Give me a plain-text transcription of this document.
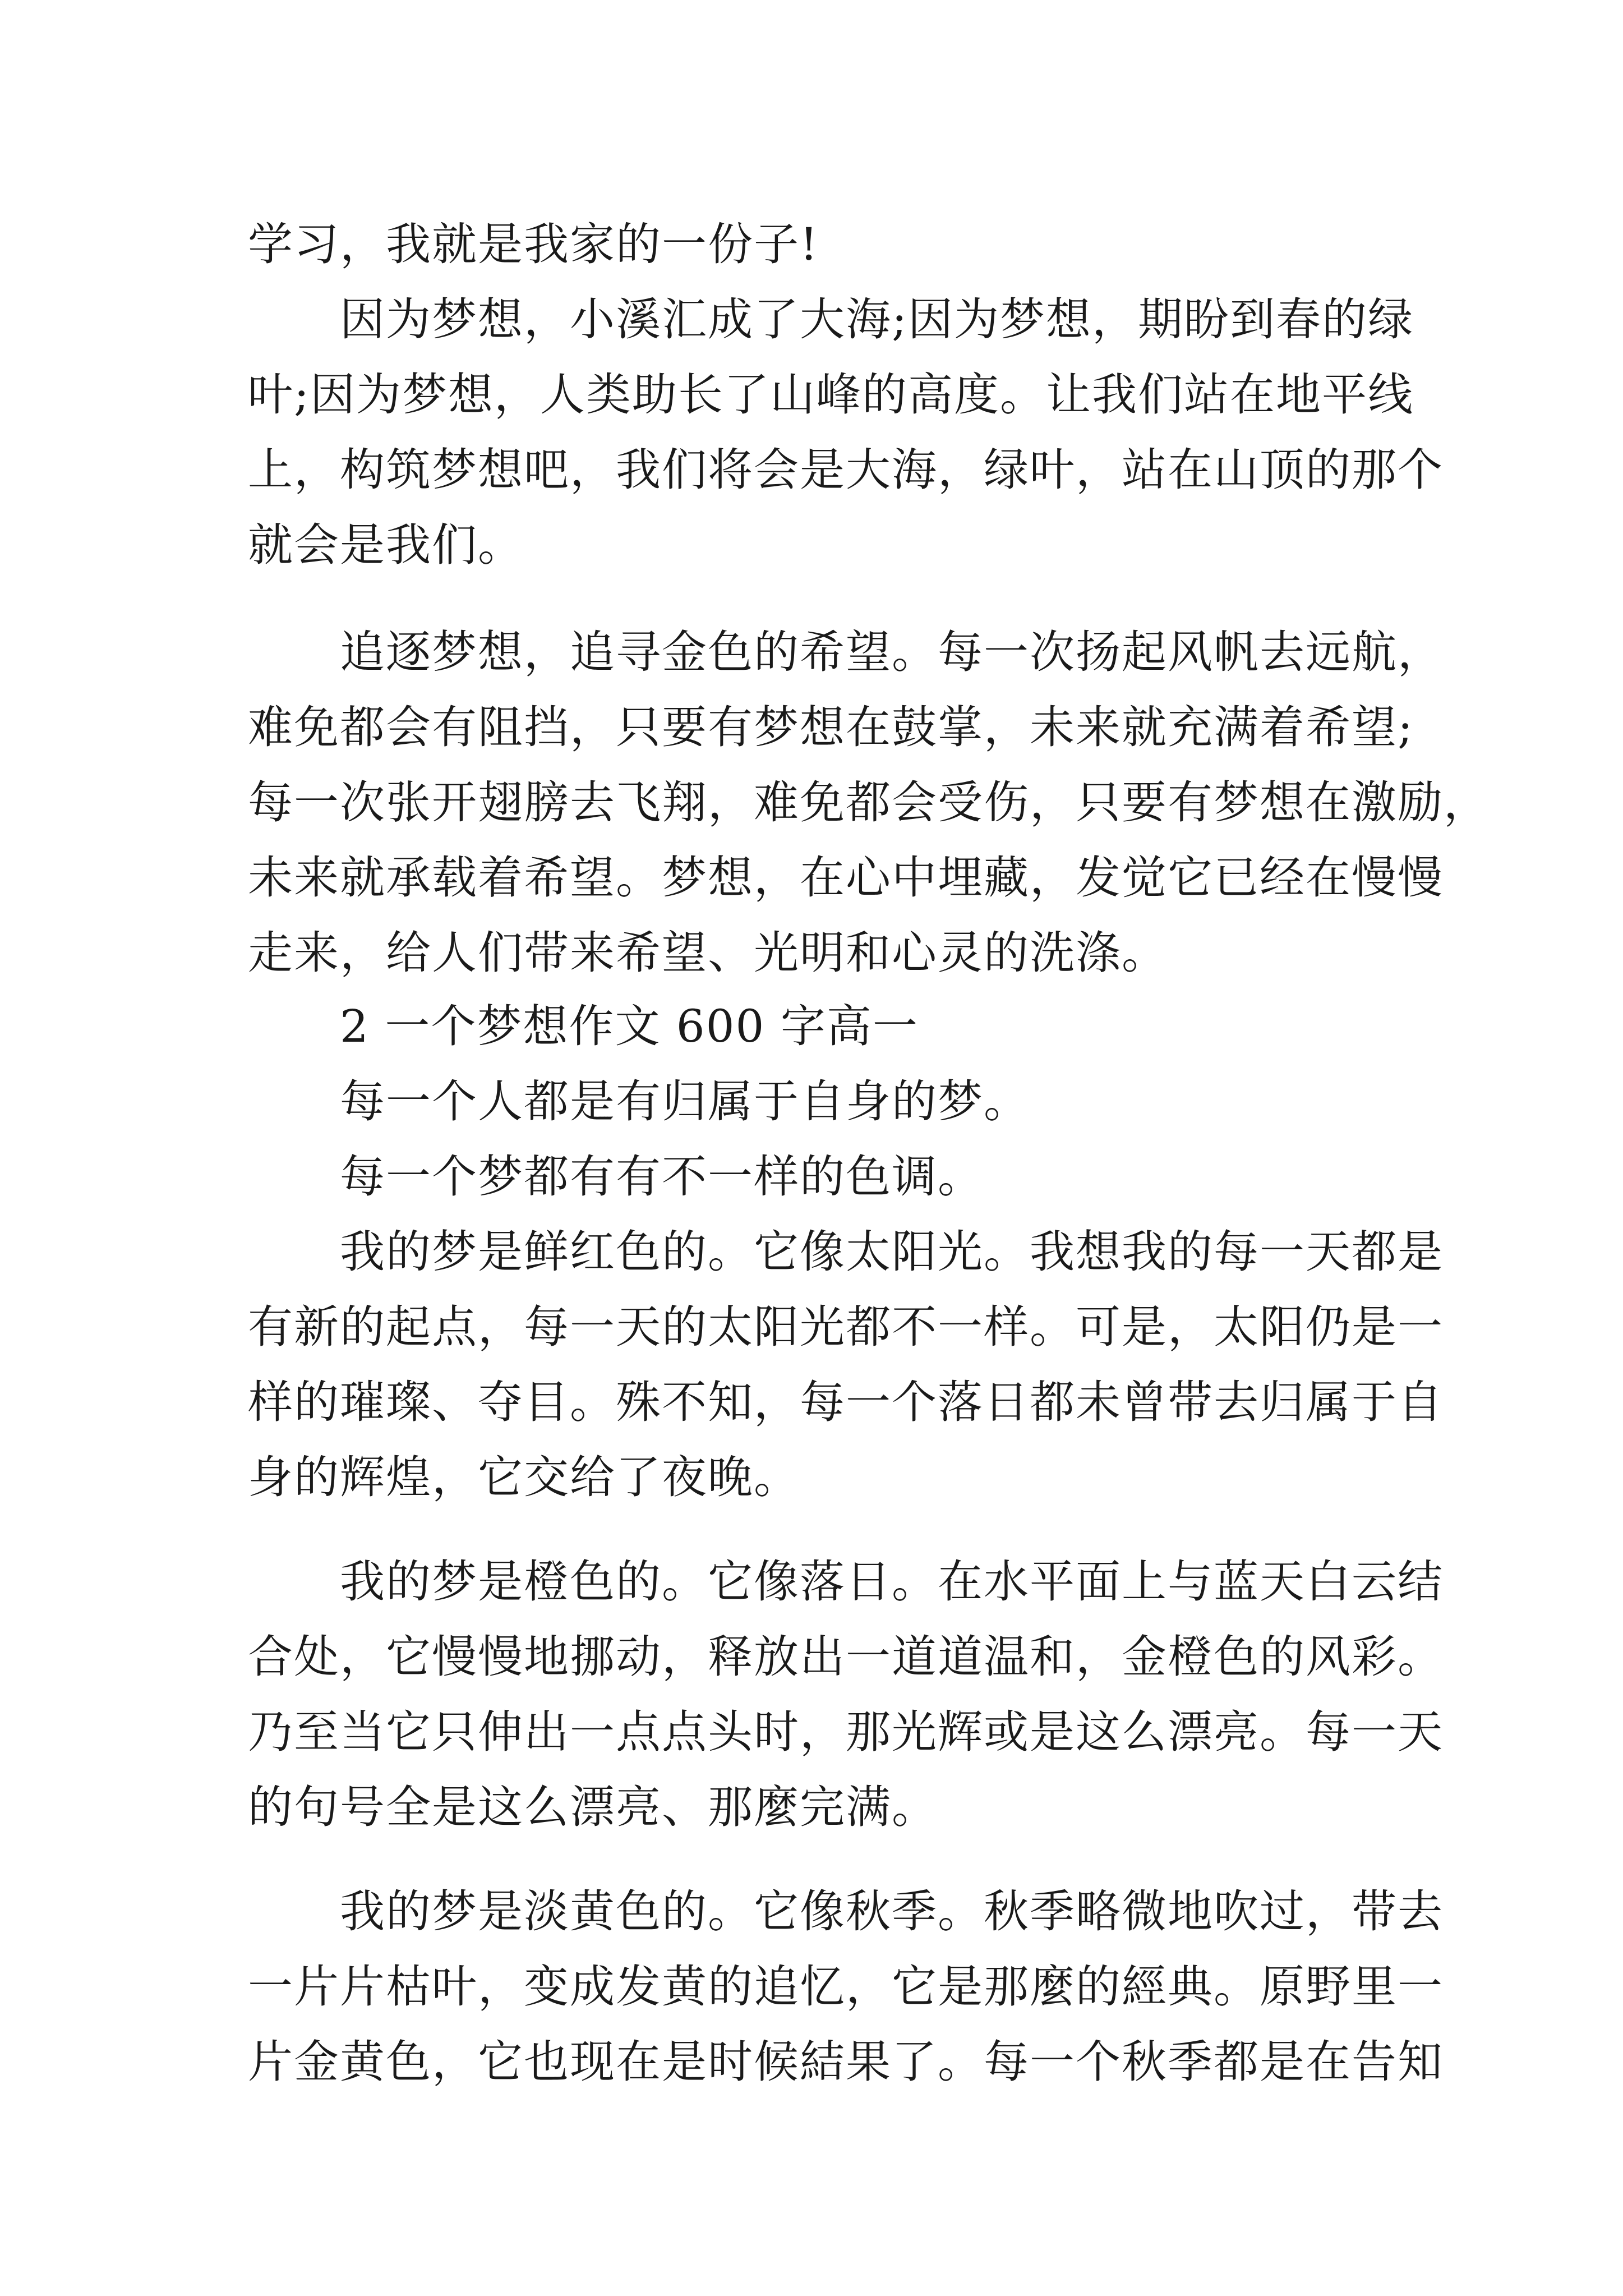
学习，我就是我家的一份子!

因为梦想，小溪汇成了大海;因为梦想，期盼到春的绿

叶;因为梦想，人类助长了山峰的高度。让我们站在地平线

上，构筑梦想吧，我们将会是大海，绿叶，站在山顶的那个

就会是我们。

追逐梦想，追寻金色的希望。每一次扬起风帆去远航，

难免都会有阻挡，只要有梦想在鼓掌，未来就充满着希望;

每一次张开翅膀去飞翔，难免都会受伤，只要有梦想在激励，

未来就承载着希望。梦想，在心中埋藏，发觉它已经在慢慢

走来，给人们带来希望、光明和心灵的洗涤。

2 一个梦想作文 600 字高一

每一个人都是有归属于自身的梦。

每一个梦都有有不一样的色调。

我的梦是鲜红色的。它像太阳光。我想我的每一天都是

有新的起点，每一天的太阳光都不一样。可是，太阳仍是一

样的璀璨、夺目。殊不知，每一个落日都未曾带去归属于自

身的辉煌，它交给了夜晚。

我的梦是橙色的。它像落日。在水平面上与蓝天白云结

合处，它慢慢地挪动，释放出一道道温和，金橙色的风彩。

乃至当它只伸出一点点头时，那光辉或是这么漂亮。每一天

的句号全是这么漂亮、那麼完满。

我的梦是淡黄色的。它像秋季。秋季略微地吹过，带去

一片片枯叶，变成发黄的追忆，它是那麼的經典。原野里一

片金黄色，它也现在是时候結果了。每一个秋季都是在告知
